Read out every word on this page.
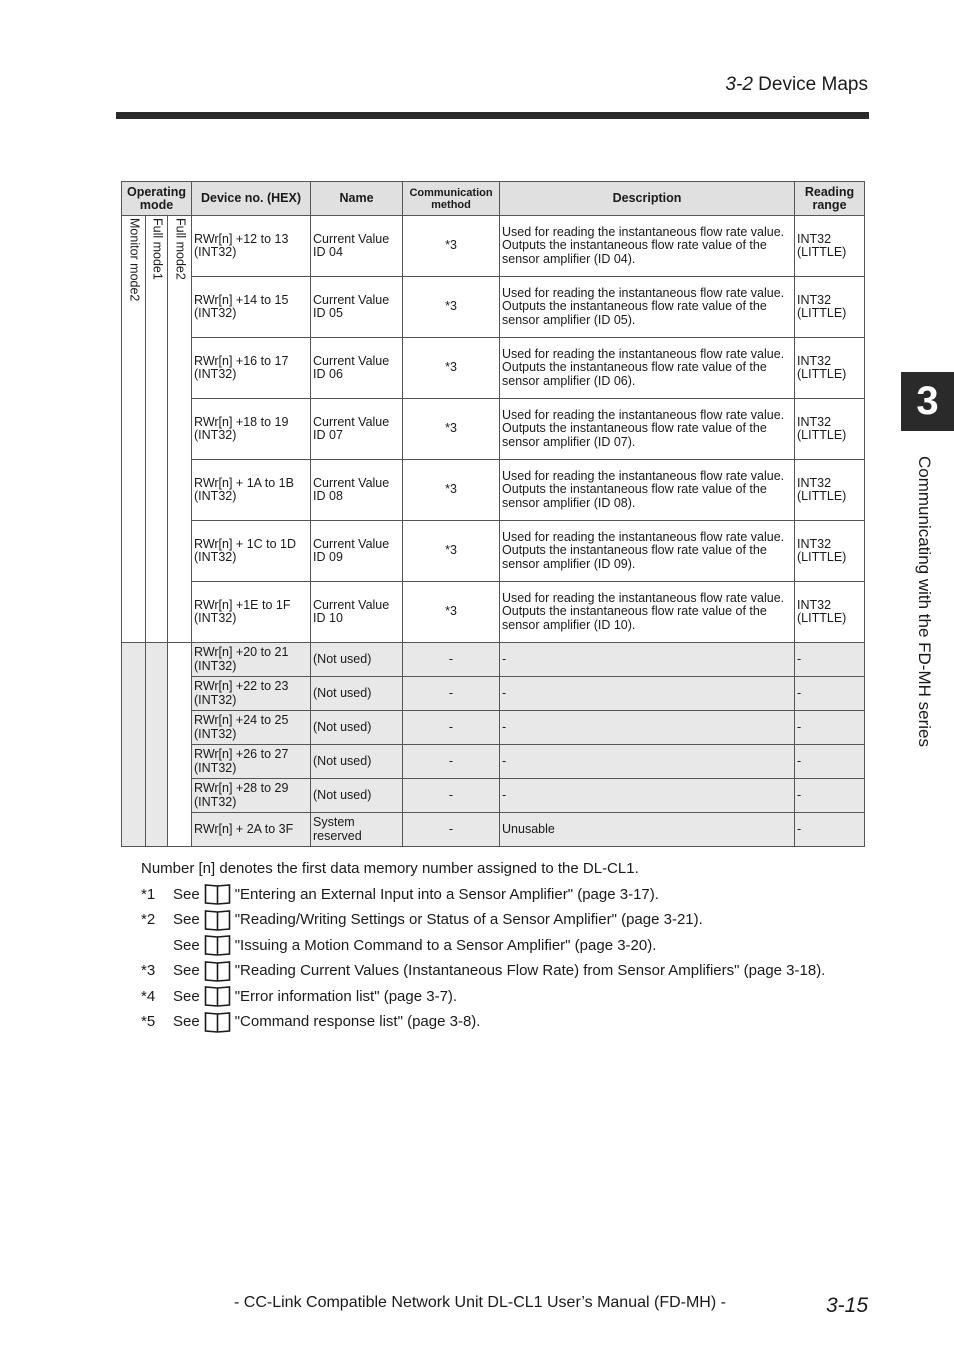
3-2 Device Maps
3
Communicating with the FD-MH series
Operating mode			Device no. (HEX)	Name	Communication method	Description	Reading range
Monitor mode2	Full mode1	Full mode2	RWr[n] +12 to 13 (INT32)	Current Value ID 04	*3	Used for reading the instantaneous flow rate value. Outputs the instantaneous flow rate value of the sensor amplifier (ID 04).	INT32 (LITTLE)
			RWr[n] +14 to 15 (INT32)	Current Value ID 05	*3	Used for reading the instantaneous flow rate value. Outputs the instantaneous flow rate value of the sensor amplifier (ID 05).	INT32 (LITTLE)
			RWr[n] +16 to 17 (INT32)	Current Value ID 06	*3	Used for reading the instantaneous flow rate value. Outputs the instantaneous flow rate value of the sensor amplifier (ID 06).	INT32 (LITTLE)
			RWr[n] +18 to 19 (INT32)	Current Value ID 07	*3	Used for reading the instantaneous flow rate value. Outputs the instantaneous flow rate value of the sensor amplifier (ID 07).	INT32 (LITTLE)
			RWr[n] + 1A to 1B (INT32)	Current Value ID 08	*3	Used for reading the instantaneous flow rate value. Outputs the instantaneous flow rate value of the sensor amplifier (ID 08).	INT32 (LITTLE)
			RWr[n] + 1C to 1D (INT32)	Current Value ID 09	*3	Used for reading the instantaneous flow rate value. Outputs the instantaneous flow rate value of the sensor amplifier (ID 09).	INT32 (LITTLE)
			RWr[n] +1E to 1F (INT32)	Current Value ID 10	*3	Used for reading the instantaneous flow rate value. Outputs the instantaneous flow rate value of the sensor amplifier (ID 10).	INT32 (LITTLE)
			RWr[n] +20 to 21 (INT32)	(Not used)	-	-	-
			RWr[n] +22 to 23 (INT32)	(Not used)	-	-	-
			RWr[n] +24 to 25 (INT32)	(Not used)	-	-	-
			RWr[n] +26 to 27 (INT32)	(Not used)	-	-	-
			RWr[n] +28 to 29 (INT32)	(Not used)	-	-	-
			RWr[n] + 2A to 3F	System reserved	-	Unusable	-
Number [n] denotes the first data memory number assigned to the DL-CL1.
*1	See "Entering an External Input into a Sensor Amplifier" (page 3-17).
*2	See "Reading/Writing Settings or Status of a Sensor Amplifier" (page 3-21).
See "Issuing a Motion Command to a Sensor Amplifier" (page 3-20).
*3	See "Reading Current Values (Instantaneous Flow Rate) from Sensor Amplifiers" (page 3-18).
*4	See "Error information list" (page 3-7).
*5	See "Command response list" (page 3-8).
- CC-Link Compatible Network Unit DL-CL1 User’s Manual (FD-MH) -	3-15
